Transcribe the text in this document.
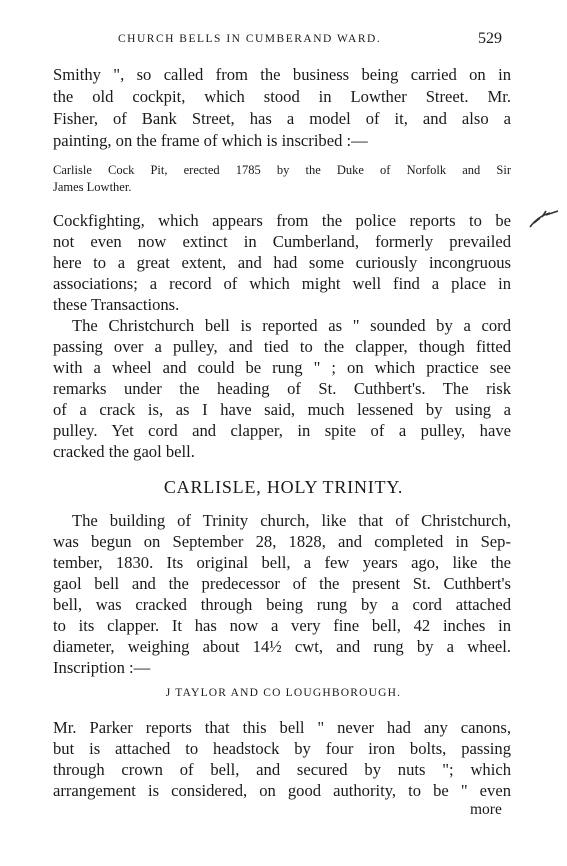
CHURCH BELLS IN CUMBERAND WARD.	529
Smithy ", so called from the business being carried on in
the old cockpit, which stood in Lowther Street. Mr.
Fisher, of Bank Street, has a model of it, and also a
painting, on the frame of which is inscribed :—
Carlisle Cock Pit, erected 1785 by the Duke of Norfolk and Sir
James Lowther.
Cockfighting, which appears from the police reports to be
not even now extinct in Cumberland, formerly prevailed
here to a great extent, and had some curiously incongruous
associations; a record of which might well find a place in
these Transactions.
The Christchurch bell is reported as " sounded by a cord
passing over a pulley, and tied to the clapper, though fitted
with a wheel and could be rung " ; on which practice see
remarks under the heading of St. Cuthbert's. The risk
of a crack is, as I have said, much lessened by using a
pulley. Yet cord and clapper, in spite of a pulley, have
cracked the gaol bell.
CARLISLE, HOLY TRINITY.
The building of Trinity church, like that of Christchurch,
was begun on September 28, 1828, and completed in Sep-
tember, 1830. Its original bell, a few years ago, like the
gaol bell and the predecessor of the present St. Cuthbert's
bell, was cracked through being rung by a cord attached
to its clapper. It has now a very fine bell, 42 inches in
diameter, weighing about 14½ cwt, and rung by a wheel.
Inscription :—
J TAYLOR AND CO LOUGHBOROUGH.
Mr. Parker reports that this bell " never had any canons,
but is attached to headstock by four iron bolts, passing
through crown of bell, and secured by nuts "; which
arrangement is considered, on good authority, to be " even
more
